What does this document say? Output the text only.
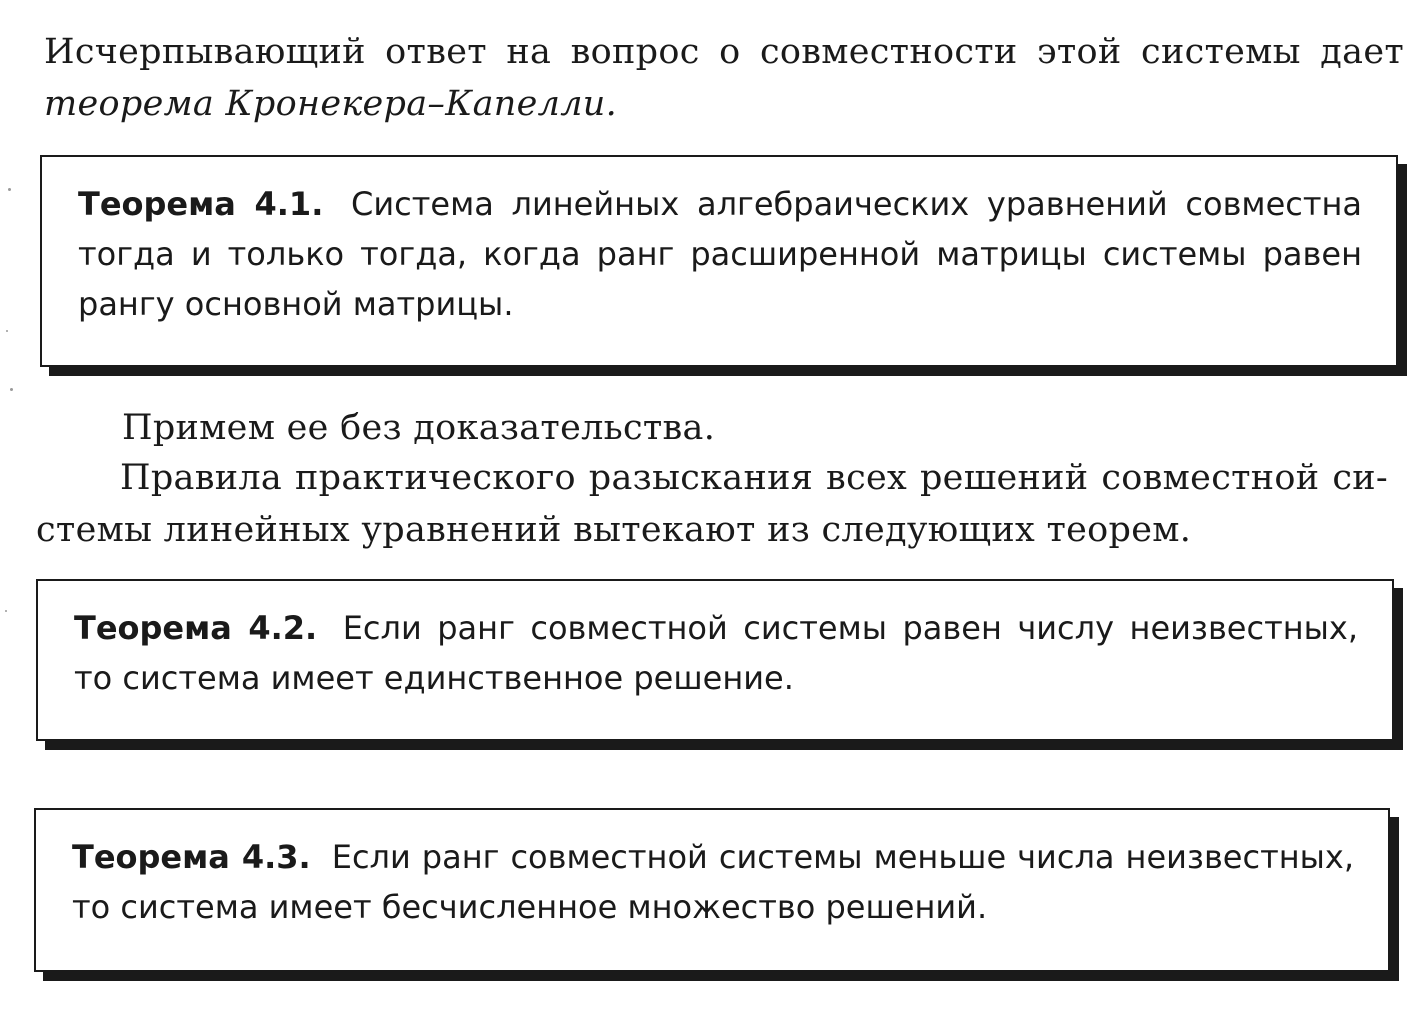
Исчерпывающий ответ на вопрос о совместности этой системы дает
теорема Кронекера–Капелли.

Теорема 4.1. Система линейных алгебраических уравнений совместна тогда и только тогда, когда ранг расширенной матрицы системы равен рангу основной матрицы.

Примем ее без доказательства.

Правила практического разыскания всех решений совместной си-
стемы линейных уравнений вытекают из следующих теорем.

Теорема 4.2. Если ранг совместной системы равен числу неизвестных, то система имеет единственное решение.

Теорема 4.3. Если ранг совместной системы меньше числа неизвестных, то система имеет бесчисленное множество решений.
